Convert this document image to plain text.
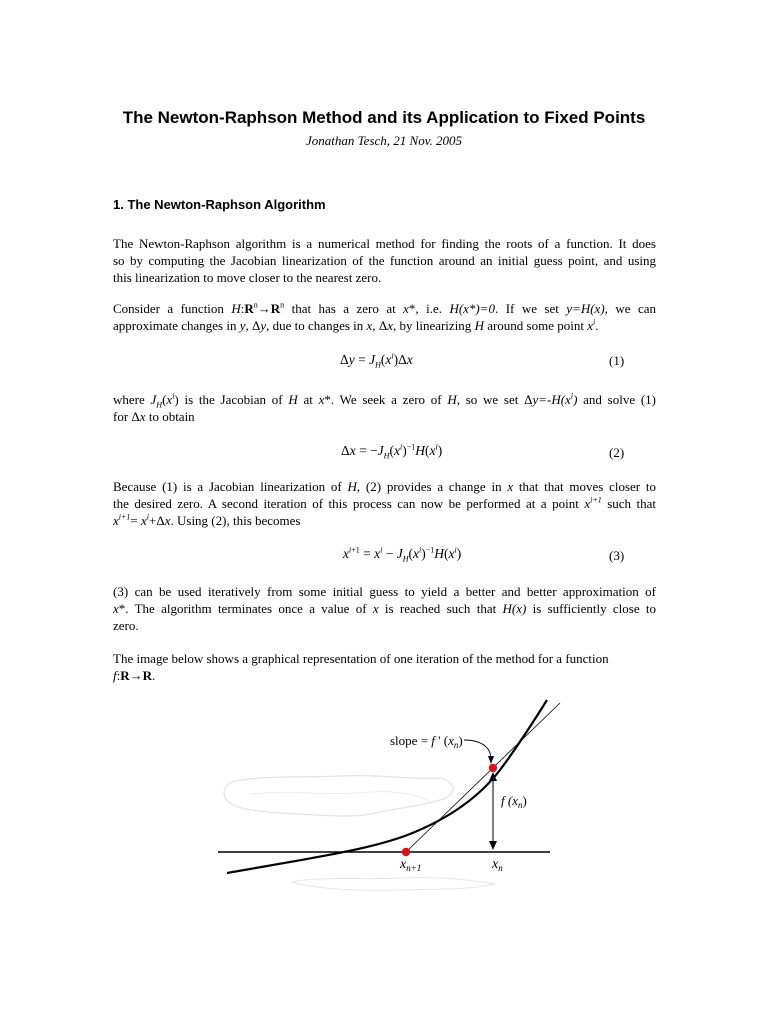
The Newton-Raphson Method and its Application to Fixed Points
Jonathan Tesch, 21 Nov. 2005
1. The Newton-Raphson Algorithm
The Newton-Raphson algorithm is a numerical method for finding the roots of a function. It does
so by computing the Jacobian linearization of the function around an initial guess point, and using
this linearization to move closer to the nearest zero.
Consider a function $H:R^n\to R^n$ that has a zero at x*, i.e. H(x*)=0. If we set y=H(x), we can
approximate changes in y, Δy, due to changes in x, Δx, by linearizing H around some point $x^i$.
$\Delta y = J_H(x^i)\Delta x$	(1)
where $J_H(x^i)$ is the Jacobian of H at x*. We seek a zero of H, so we set $\Delta y=-H(x^i)$ and solve (1)
for Δx to obtain
$\Delta x = -J_H(x^i)^{-1}H(x^i)$	(2)
Because (1) is a Jacobian linearization of H, (2) provides a change in x that that moves closer to
the desired zero. A second iteration of this process can now be performed at a point $x^{i+1}$ such that
$x^{i+1}= x^i+\Delta x$. Using (2), this becomes
$x^{i+1} = x^i - J_H(x^i)^{-1}H(x^i)$	(3)
(3) can be used iteratively from some initial guess to yield a better and better approximation of
x*. The algorithm terminates once a value of x is reached such that H(x) is sufficiently close to
zero.
The image below shows a graphical representation of one iteration of the method for a function
f:R→R.
slope = f ' $(x_n)$
f $(x_n)$
$x_{n+1}$	$x_n$
